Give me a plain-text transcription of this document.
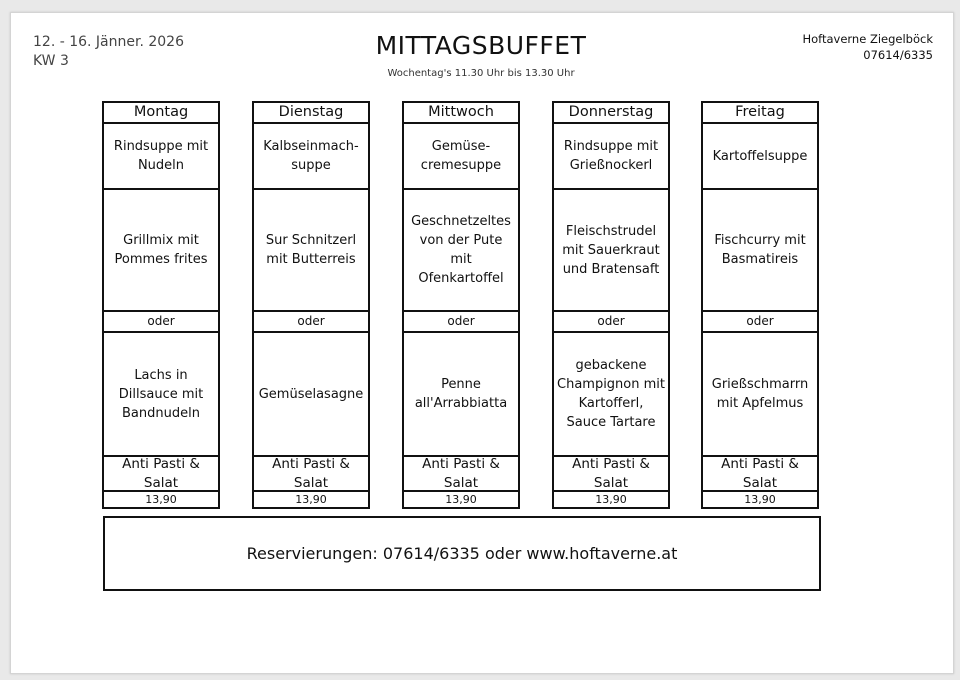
12. - 16. Jänner. 2026
KW 3
MITTAGSBUFFET
Wochentag's 11.30 Uhr bis 13.30 Uhr
Hoftaverne Ziegelböck
07614/6335
Montag
Rindsuppe mit Nudeln
Grillmix mit Pommes frites
oder
Lachs in Dillsauce mit Bandnudeln
Anti Pasti & Salat
13,90
Dienstag
Kalbseinmach-suppe
Sur Schnitzerl mit Butterreis
oder
Gemüselasagne
Anti Pasti & Salat
13,90
Mittwoch
Gemüse-cremesuppe
Geschnetzeltes von der Pute mit Ofenkartoffel
oder
Penne all'Arrabbiatta
Anti Pasti & Salat
13,90
Donnerstag
Rindsuppe mit Grießnockerl
Fleischstrudel mit Sauerkraut und Bratensaft
oder
gebackene Champignon mit Kartofferl, Sauce Tartare
Anti Pasti & Salat
13,90
Freitag
Kartoffelsuppe
Fischcurry mit Basmatireis
oder
Grießschmarrn mit Apfelmus
Anti Pasti & Salat
13,90
Reservierungen: 07614/6335 oder www.hoftaverne.at
